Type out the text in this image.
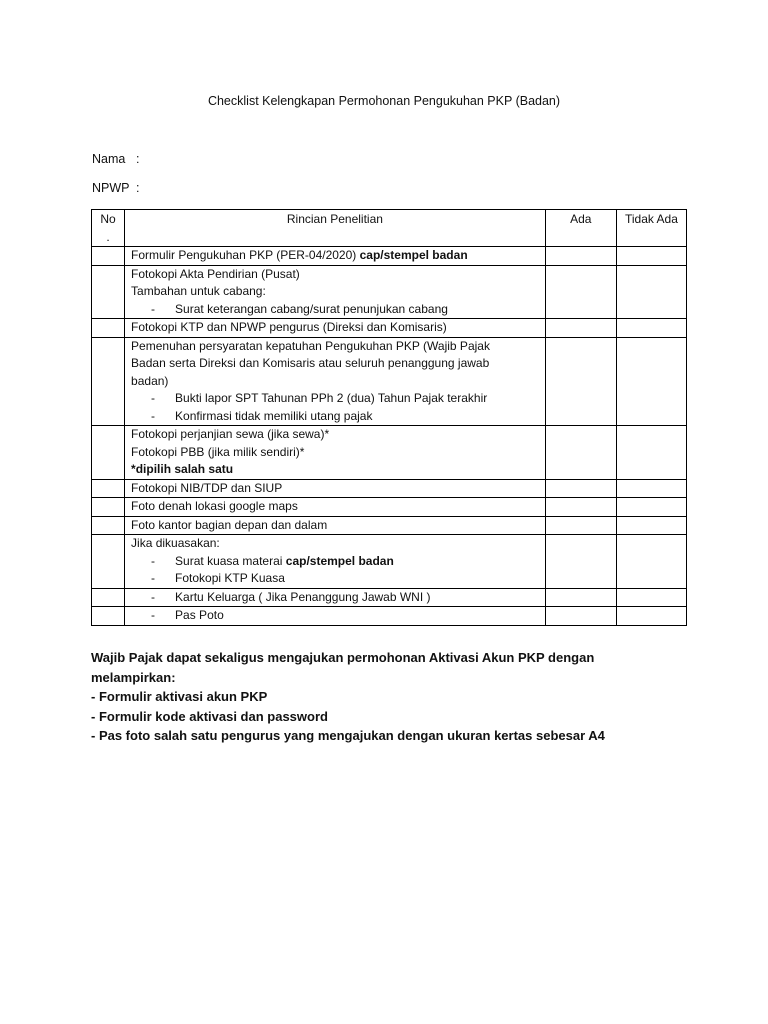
Checklist Kelengkapan Permohonan Pengukuhan PKP (Badan)
Nama :
NPWP :
No .	Rincian Penelitian	Ada	Tidak Ada
	Formulir Pengukuhan PKP (PER-04/2020) cap/stempel badan		

	Fotokopi Akta Pendirian (Pusat)
Tambahan untuk cabang:
- Surat keterangan cabang/surat penunjukan cabang		

	Fotokopi KTP dan NPWP pengurus (Direksi dan Komisaris)		

	Pemenuhan persyaratan kepatuhan Pengukuhan PKP (Wajib Pajak
Badan serta Direksi dan Komisaris atau seluruh penanggung jawab
badan)
- Bukti lapor SPT Tahunan PPh 2 (dua) Tahun Pajak terakhir
- Konfirmasi tidak memiliki utang pajak		

	Fotokopi perjanjian sewa (jika sewa)*
Fotokopi PBB (jika milik sendiri)*
*dipilih salah satu		

	Fotokopi NIB/TDP dan SIUP		

	Foto denah lokasi google maps		

	Foto kantor bagian depan dan dalam		

	Jika dikuasakan:
- Surat kuasa materai cap/stempel badan
- Fotokopi KTP Kuasa		

	- Kartu Keluarga ( Jika Penanggung Jawab WNI )		

	- Pas Poto		

Wajib Pajak dapat sekaligus mengajukan permohonan Aktivasi Akun PKP dengan
melampirkan:
- Formulir aktivasi akun PKP
- Formulir kode aktivasi dan password
- Pas foto salah satu pengurus yang mengajukan dengan ukuran kertas sebesar A4
